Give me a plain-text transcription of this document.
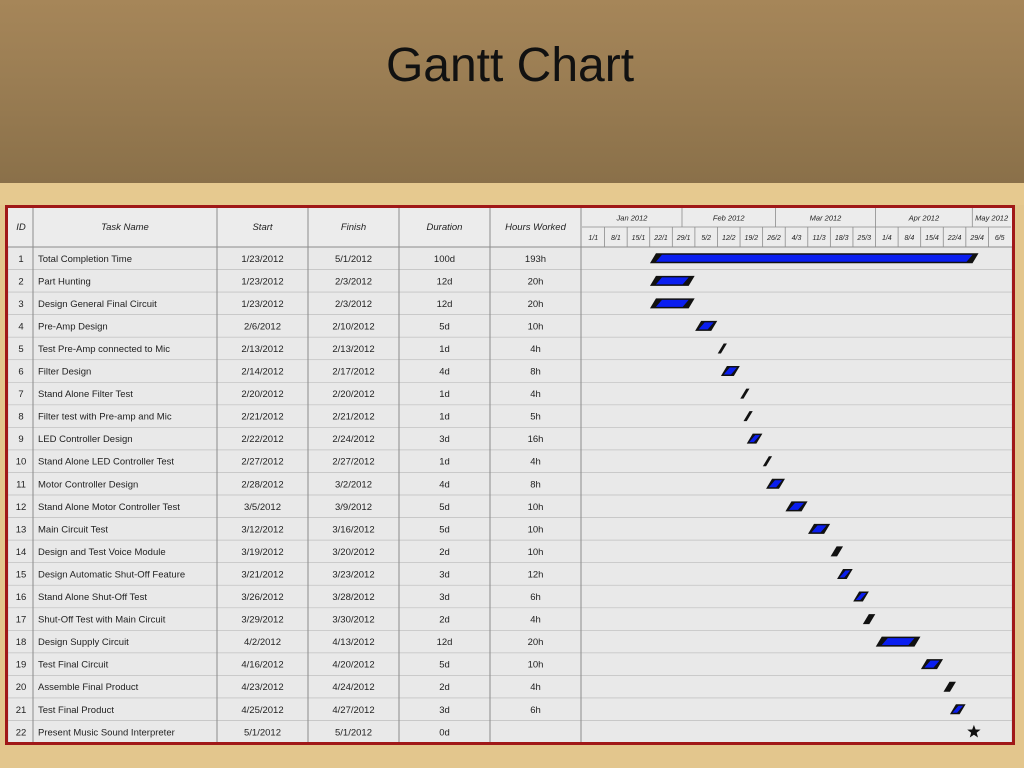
Gantt Chart
1 Total Completion Time	1/23/2012	5/1/2012	100d	193h
2 Part Hunting	1/23/2012	2/3/2012	12d	20h
3 Design General Final Circuit	1/23/2012	2/3/2012	12d	20h
4 Pre-Amp Design	2/6/2012	2/10/2012	5d	10h
5 Test Pre-Amp connected to Mic	2/13/2012	2/13/2012	1d	4h
6 Filter Design	2/14/2012	2/17/2012	4d	8h
7 Stand Alone Filter Test	2/20/2012	2/20/2012	1d	4h
8 Filter test with Pre-amp and Mic	2/21/2012	2/21/2012	1d	5h
9 LED Controller Design	2/22/2012	2/24/2012	3d	16h
10 Stand Alone LED Controller Test	2/27/2012	2/27/2012	1d	4h
11 Motor Controller Design	2/28/2012	3/2/2012	4d	8h
12 Stand Alone Motor Controller Test	3/5/2012	3/9/2012	5d	10h
13 Main Circuit Test	3/12/2012	3/16/2012	5d	10h
14 Design and Test Voice Module	3/19/2012	3/20/2012	2d	10h
15 Design Automatic Shut-Off Feature	3/21/2012	3/23/2012	3d	12h
16 Stand Alone Shut-Off Test	3/26/2012	3/28/2012	3d	6h
17 Shut-Off Test with Main Circuit	3/29/2012	3/30/2012	2d	4h
18 Design Supply Circuit	4/2/2012	4/13/2012	12d	20h
19 Test Final Circuit	4/16/2012	4/20/2012	5d	10h
20 Assemble Final Product	4/23/2012	4/24/2012	2d	4h
21 Test Final Product	4/25/2012	4/27/2012	3d	6h
22 Present Music Sound Interpreter	5/1/2012	5/1/2012	0d
ID	Task Name	Start	Finish	Duration	Hours Worked
Jan 2012	Feb 2012	Mar 2012	Apr 2012	May 2012
1/1 8/1 15/1 22/1 29/1 5/2 12/2 19/2 26/2 4/3 11/3 18/3 25/3 1/4 8/4 15/4 22/4 29/4 6/5
